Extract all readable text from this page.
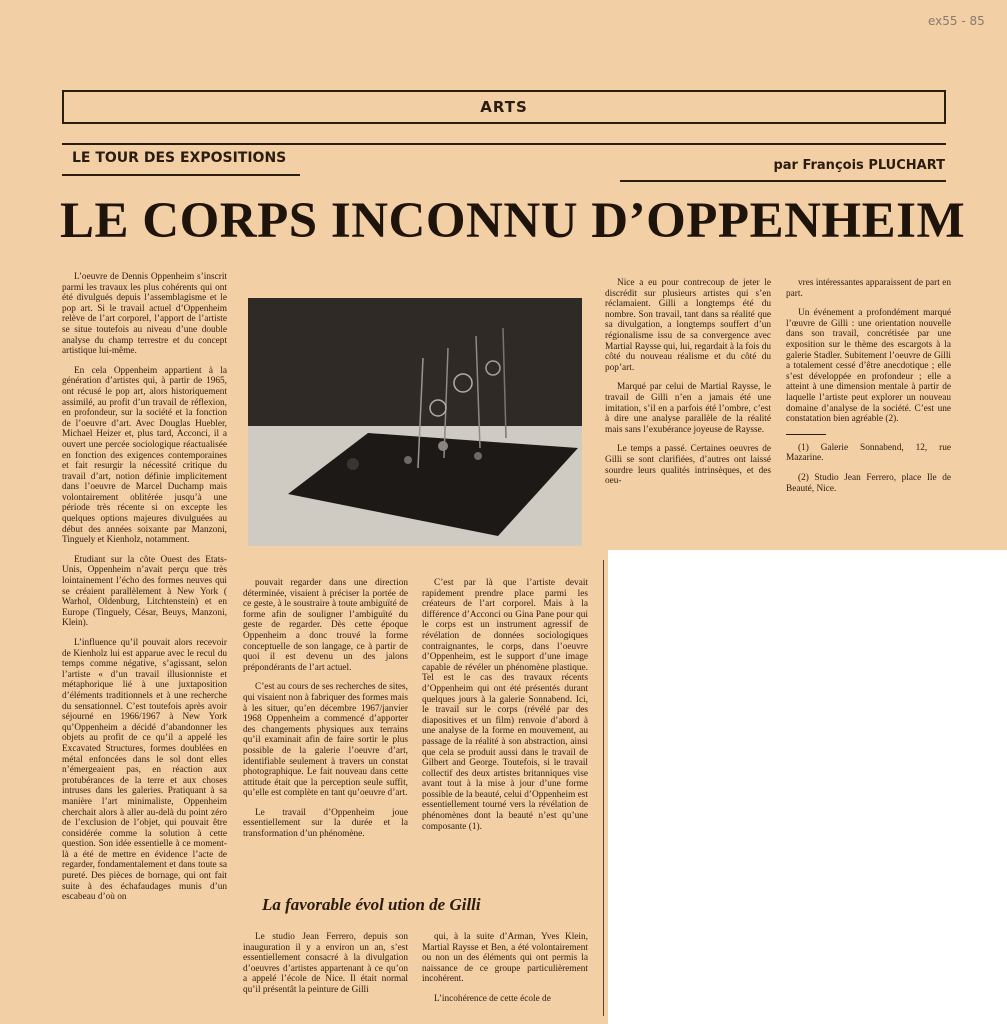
ex55 - 85
ARTS
LE TOUR DES EXPOSITIONS	par François PLUCHART
LE CORPS INCONNU D’OPPENHEIM

L’oeuvre de Dennis Oppenheim s’inscrit parmi les travaux les plus cohérents qui ont été divulgués depuis l’assemblagisme et le pop art. Si le travail actuel d’Oppenheim relève de l’art corporel, l’apport de l’artiste se situe toutefois au niveau d’une double analyse du champ terrestre et du concept artistique lui-même.

En cela Oppenheim appartient à la génération d’artistes qui, à partir de 1965, ont récusé le pop art, alors historiquement assimilé, au profit d’un travail de réflexion, en profondeur, sur la société et la fonction de l’oeuvre d’art. Avec Douglas Huebler, Michael Heizer et, plus tard, Acconci, il a ouvert une percée sociologique réactualisée en fonction des exigences contemporaines et fait resurgir la nécessité critique du travail d’art, notion définie implicitement dans l’oeuvre de Marcel Duchamp mais volontairement oblitérée jusqu’à une période très récente si on excepte les quelques options majeures divulguées au début des années soixante par Manzoni, Tinguely et Kienholz, notamment.

Etudiant sur la côte Ouest des Etats-Unis, Oppenheim n’avait perçu que très lointainement l’écho des formes neuves qui se créaient parallèlement à New York ( Warhol, Oldenburg, Litchtenstein) et en Europe (Tinguely, César, Beuys, Manzoni, Klein).

L’influence qu’il pouvait alors recevoir de Kienholz lui est apparue avec le recul du temps comme négative, s’agissant, selon l’artiste « d’un travail illusionniste et métaphorique lié à une juxtaposition d’éléments traditionnels et à une recherche du sensationnel. C’est toutefois après avoir séjourné en 1966/1967 à New York qu’Oppenheim a décidé d’abandonner les objets au profit de ce qu’il a appelé les Excavated Structures, formes doublées en métal enfoncées dans le sol dont elles n’émergeaient pas, en réaction aux protubérances de la terre et aux choses intruses dans les galeries. Pratiquant à sa manière l’art minimaliste, Oppenheim cherchait alors à aller au-delà du point zéro de l’exclusion de l’objet, qui pouvait être considérée comme la solution à cette question. Son idée essentielle à ce moment-là a été de mettre en évidence l’acte de regarder, fondamentalement et dans toute sa pureté. Des pièces de bornage, qui ont fait suite à des échafaudages munis d’un escabeau d’où on

pouvait regarder dans une direction déterminée, visaient à préciser la portée de ce geste, à le soustraire à toute ambiguïté de forme afin de souligner l’ambiguïté du geste de regarder. Dès cette époque Oppenheim a donc trouvé la forme conceptuelle de son langage, ce à partir de quoi il est devenu un des jalons prépondérants de l’art actuel.

C’est au cours de ses recherches de sites, qui visaient non à fabriquer des formes mais à les situer, qu’en décembre 1967/janvier 1968 Oppenheim a commencé d’apporter des changements physiques aux terrains qu’il examinait afin de faire sortir le plus possible de la galerie l’oeuvre d’art, identifiable seulement à travers un constat photographique. Le fait nouveau dans cette attitude était que la perception seule suffit, qu’elle est complète en tant qu’oeuvre d’art.

Le travail d’Oppenheim joue essentiellement sur la durée et la transformation d’un phénomène.

C’est par là que l’artiste devait rapidement prendre place parmi les créateurs de l’art corporel. Mais à la différence d’Acconci ou Gina Pane pour qui le corps est un instrument agressif de révélation de données sociologiques contraignantes, le corps, dans l’oeuvre d’Oppenheim, est le support d’une image capable de révéler un phénomène plastique. Tel est le cas des travaux récents d’Oppenheim qui ont été présentés durant quelques jours à la galerie Sonnabend. Ici, le travail sur le corps (révélé par des diapositives et un film) renvoie d’abord à une analyse de la forme en mouvement, au passage de la réalité à son abstraction, ainsi que cela se produit aussi dans le travail de Gilbert and George. Toutefois, si le travail collectif des deux artistes britanniques vise avant tout à la mise à jour d’une forme possible de la beauté, celui d’Oppenheim est essentiellement tourné vers la révélation de phénomènes dont la beauté n’est qu’une composante (1).

La favorable évol ution de Gilli

Le studio Jean Ferrero, depuis son inauguration il y a environ un an, s’est essentiellement consacré à la divulgation d’oeuvres d’artistes appartenant à ce qu’on a appelé l’école de Nice. Il était normal qu’il présentât la peinture de Gilli

qui, à la suite d’Arman, Yves Klein, Martial Raysse et Ben, a été volontairement ou non un des éléments qui ont permis la naissance de ce groupe particulièrement incohérent.

L’incohérence de cette école de

Nice a eu pour contrecoup de jeter le discrédit sur plusieurs artistes qui s’en réclamaient. Gilli a longtemps été du nombre. Son travail, tant dans sa réalité que sa divulgation, a longtemps souffert d’un régionalisme issu de sa convergence avec Martial Raysse qui, lui, regardait à la fois du côté du nouveau réalisme et du côté du pop’art.

Marqué par celui de Martial Raysse, le travail de Gilli n’en a jamais été une imitation, s’il en a parfois été l’ombre, c’est à dire une analyse parallèle de la réalité mais sans l’exubérance joyeuse de Raysse.

Le temps a passé. Certaines oeuvres de Gilli se sont clarifiées, d’autres ont laissé sourdre leurs qualités intrinsèques, et des oeu-

vres intéressantes apparaissent de part en part.

Un événement a profondément marqué l’œuvre de Gilli : une orientation nouvelle dans son travail, concrétisée par une exposition sur le thème des escargots à la galerie Stadler. Subitement l’oeuvre de Gilli a totalement cessé d’être anecdotique ; elle s’est développée en profondeur ; elle a atteint à une dimension mentale à partir de laquelle l’artiste peut explorer un nouveau domaine d’analyse de la société. C’est une constatation bien agréable (2).

(1) Galerie Sonnabend, 12, rue Mazarine.

(2) Studio Jean Ferrero, place Ile de Beauté, Nice.
